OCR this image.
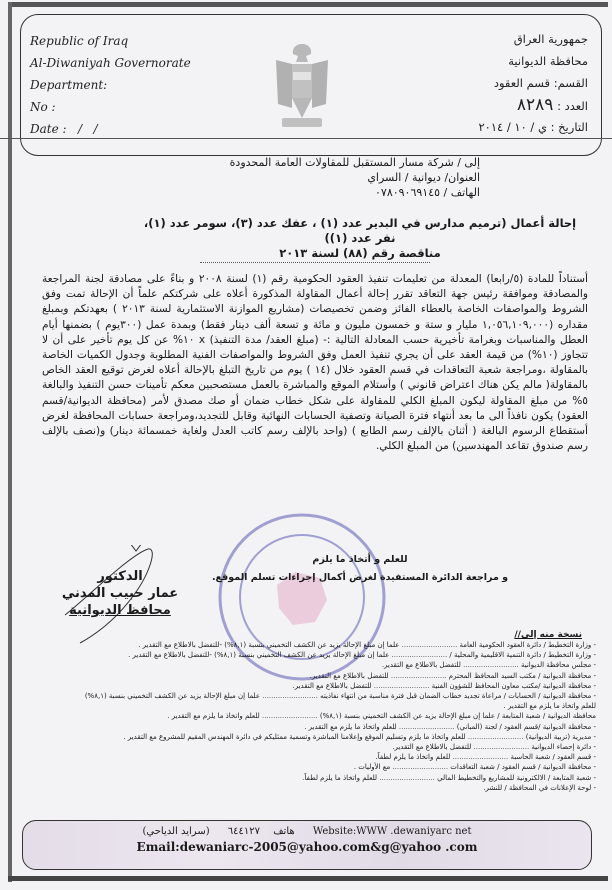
Republic of Iraq
Al-Diwaniyah Governorate
Department:
No :
Date :   /   /
جمهورية العراق
محافظة الديوانية
القسم: قسم العقود
العدد : ٨٢٨٩
التاريخ : ي / ١٠ / ٢٠١٤
إلى / شركة مسار المستقبل للمقاولات العامة المحدودة
العنوان/ ديوانية / السراي
الهاتف / ٠٧٨٠٩٠٦٩١٤٥
إحالة أعمال (ترميم مدارس في البدير عدد (١) ، عفك عدد (٣)، سومر عدد (١)، نفر عدد (١))
مناقصة رقم (٨٨) لسنة ٢٠١٣
أستناداً للمادة (٥/رابعا) المعدلة من تعليمات تنفيذ العقود الحكومية رقم (١) لسنة ٢٠٠٨ و بناءً على مصادقة لجنة المراجعة والمصادقة وموافقة رئيس جهة التعاقد تقرر إحالة أعمال المقاولة المذكورة أعلاه على شركتكم علماً أن الإحالة تمت وفق الشروط والمواصفات الخاصة بالعطاء الفائز وضمن تخصيصات (مشاريع الموازنة الاستثمارية لسنة ٢٠١٣ ) بعهدتكم وبمبلغ مقداره (١,٠٥٦,١٠٩,٠٠٠ مليار و ستة و خمسون مليون و مائة و تسعة ألف دينار فقط) وبمدة عمل (٣٠٠يوم ) بضمنها أيام العطل والمناسبات وبغرامة تأخيرية حسب المعادلة التالية :- (مبلغ العقد/ مدة التنفيذ) x ١٠% عن كل يوم تأخير على أن لا تتجاوز (١٠%) من قيمة العقد على أن يجري تنفيذ العمل وفق الشروط والمواصفات الفنية المطلوبة وجدول الكميات الخاصة بالمقاولة ،ومراجعة شعبة التعاقدات في قسم العقود خلال (١٤ ) يوم من تاريخ التبلغ بالإحالة أعلاه لغرض توقيع العقد الخاص بالمقاولة( مالم يكن هناك اعتراض قانوني ) وأستلام الموقع والمباشرة بالعمل مستصحبين معكم تأمينات حسن التنفيذ والبالغة ٥% من مبلغ المقاولة ليكون المبلغ الكلي للمقاولة على شكل خطاب ضمان أو صك مصدق لأمر (محافظة الديوانية/قسم العقود) يكون نافذاً الى ما بعد أنتهاء فترة الصيانة وتصفية الحسابات النهائية وقابل للتجديد،ومراجعة حسابات المحافظة لغرض أستقطاع الرسوم البالغة ( أثنان بالإلف رسم الطابع ) (واحد بالإلف رسم كاتب العدل ولغاية خمسمائة دينار) و(نصف بالإلف رسم صندوق تقاعد المهندسين) من المبلغ الكلي.
للعلم و أتخاذ ما يلزم
و مراجعة الدائرة المستفيدة لغرض أكمال إجراءات تسلم الموقع.
الدكتور
عمار حبيب المدني
محافظ الديوانية
نسخة منه إلى//
- وزارة التخطيط / دائرة العقود الحكومية العامة ......................... علما إن مبلغ الإحالة يزيد عن الكشف التخميني بنسبة (٨,١%) -للتفضل بالاطلاع مع التقدير .
- وزارة التخطيط / دائرة التنمية الاقليمية والمحلية / ......................... علما إن مبلغ الإحالة يزيد عن الكشف التخميني بنسبة (٨,١%) -للتفضل بالاطلاع مع التقدير .
- مجلس محافظة الديوانية ......................... للتفضل بالاطلاع مع التقدير.
- محافظة الديوانية / مكتب السيد المحافظ المحترم ......................... للتفضل بالاطلاع مع التقدير.
- محافظة الديوانية /مكتب معاون المحافظ للشؤون الفنية ......................... للتفضل بالاطلاع مع التقدير.
- محافظة الديوانية / الحسابات / مراعاة تجديد خطاب الضمان قبل فترة مناسبة من انتهاء نفاذيته ......................... علما إن مبلغ الإحالة يزيد عن الكشف التخميني بنسبة (٨,١%)
للعلم واتخاذ ما يلزم مع التقدير .
محافظة الديوانية / شعبة المتابعة / علما إن مبلغ الإحالة يزيد عن الكشف التخميني بنسبة (٨,١%) ......................... للعلم واتخاذ ما يلزم مع التقدير .
- محافظة الديوانية /قسم العقود / لجنة (المباني) ......................... للعلم واتخاذ ما يلزم مع التقدير .
- مديرية (تربية الديوانية) ......................... للعلم واتخاذ ما يلزم وتسليم الموقع وإعلامنا المباشرة وتسمية ممثليكم في دائرة المهندس المقيم للمشروع مع التقدير .
- دائرة إحصاء الديوانية ......................... للتفضل بالاطلاع مع التقدير.
- قسم العقود / شعبة الحاسبة ......................... للعلم واتخاذ ما يلزم لطفاً.
- محافظة الديوانية / قسم العقود / شعبة التعاقدات ......................... مع الأوليات .
- شعبة المتابعة / الالكترونية للمشاريع والتخطيط المالي ......................... للعلم واتخاذ ما يلزم لطفاً.
- لوحة الإعلانات في المحافظة / للنشر.
هاتف ٦٤٤١٢٧ (سرايد الدياحي)	Website:WWW .dewaniyarc net
Email:dewaniarc-2005@yahoo.com&g@yahoo .com
